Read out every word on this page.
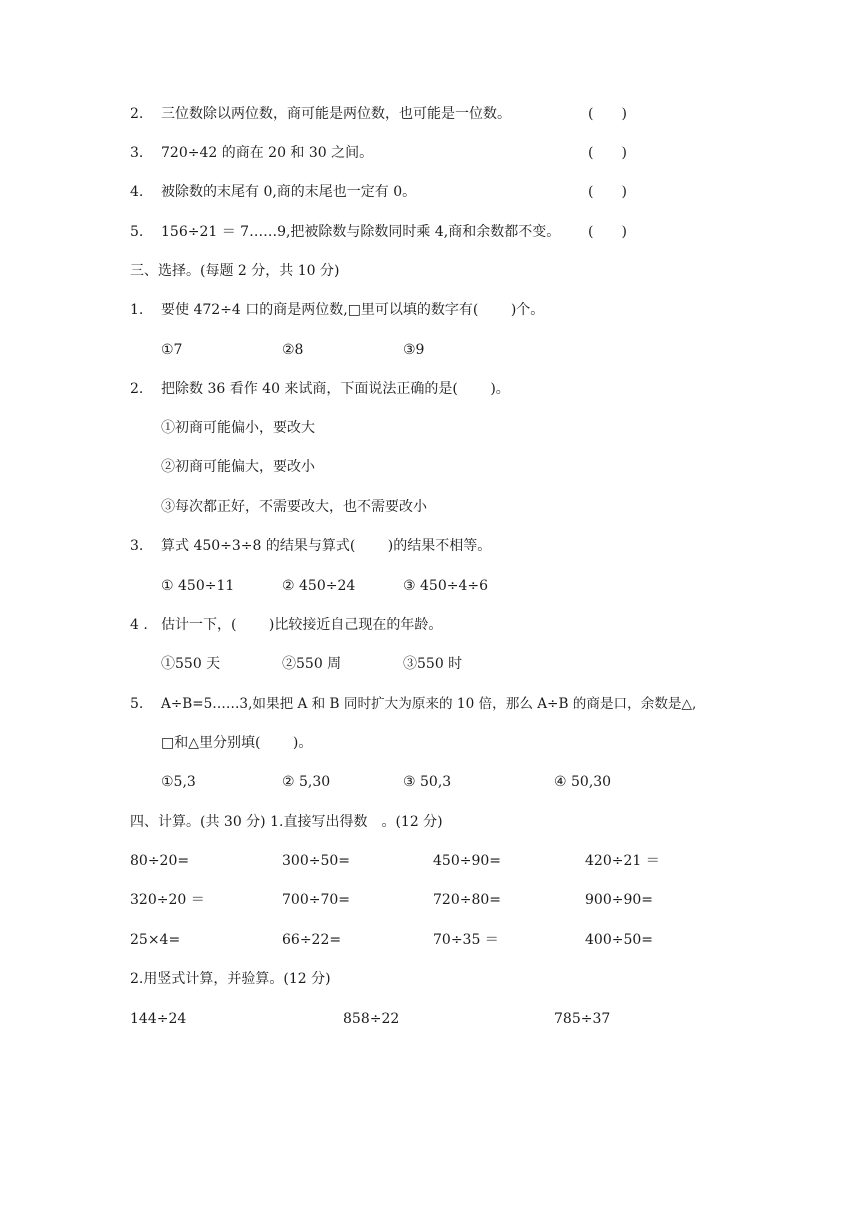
2. 三位数除以两位数，商可能是两位数，也可能是一位数。	(　　)
3. 720÷42 的商在 20 和 30 之间。	(　　)
4. 被除数的末尾有 0,商的末尾也一定有 0。	(　　)
5. 156÷21 ＝ 7……9,把被除数与除数同时乘 4,商和余数都不变。 (　　)
三、选择。(每题 2 分，共 10 分)
1. 要使 472÷4 口的商是两位数,□里可以填的数字有(　　 )个。
①7	②8	③9
2. 把除数 36 看作 40 来试商，下面说法正确的是(　　 )。
①初商可能偏小，要改大
②初商可能偏大，要改小
③每次都正好，不需要改大，也不需要改小
3. 算式 450÷3÷8 的结果与算式(　　 )的结果不相等。
① 450÷11	② 450÷24	③ 450÷4÷6
4 . 估计一下，(　　 )比较接近自己现在的年龄。
①550 天	②550 周	③550 时
5. A÷B=5……3,如果把 A 和 B 同时扩大为原来的 10 倍，那么 A÷B 的商是口，余数是△,
□和△里分别填(　　 )。
①5,3	② 5,30	③ 50,3	④ 50,30
四、计算。(共 30 分) 1.直接写出得数　。(12 分)
80÷20=	300÷50=	450÷90=	420÷21 ＝
320÷20 ＝	700÷70=	720÷80=	900÷90=
25×4=	66÷22=	70÷35 ＝	400÷50=
2.用竖式计算，并验算。(12 分)
144÷24	858÷22	785÷37
